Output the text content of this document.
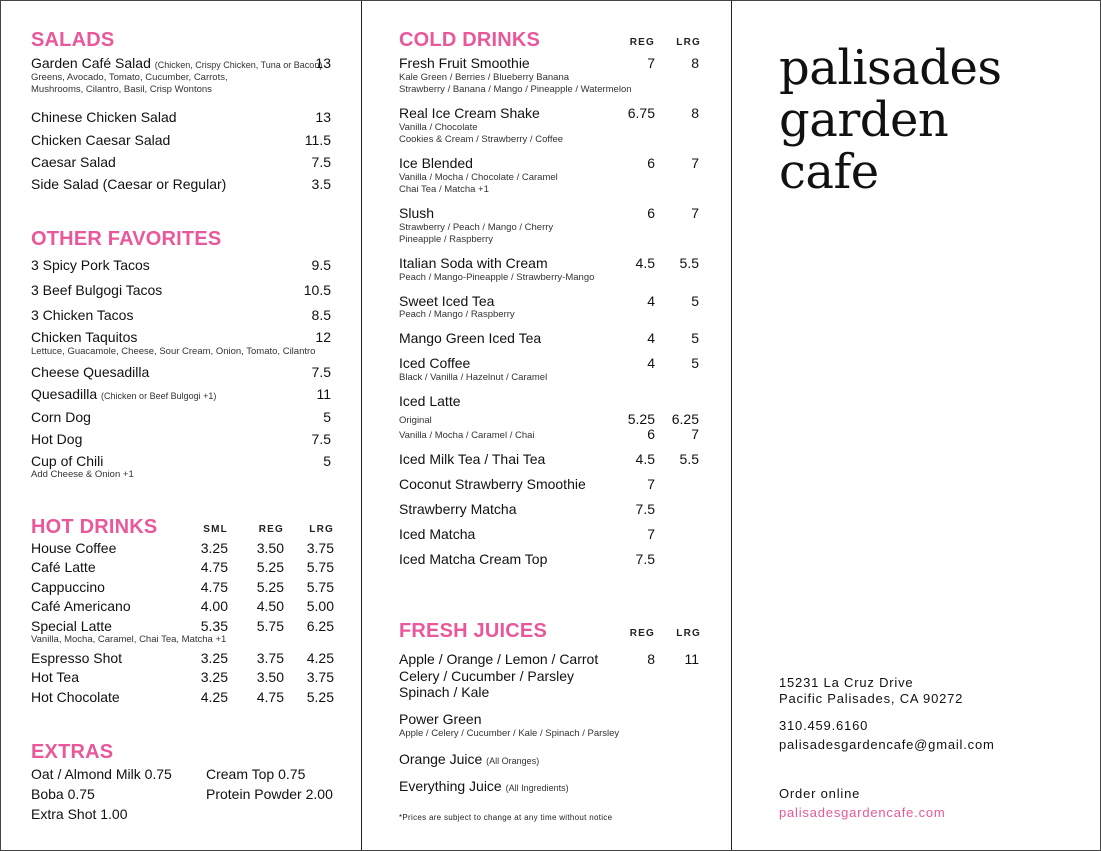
SALADS
Garden Café Salad (Chicken, Crispy Chicken, Tuna or Bacon)
13
Greens, Avocado, Tomato, Cucumber, Carrots,
Mushrooms, Cilantro, Basil, Crisp Wontons
Chinese Chicken Salad	13
Chicken Caesar Salad	11.5
Caesar Salad	7.5
Side Salad (Caesar or Regular)	3.5
OTHER FAVORITES
3 Spicy Pork Tacos	9.5
3 Beef Bulgogi Tacos	10.5
3 Chicken Tacos	8.5
Chicken Taquitos	12
Lettuce, Guacamole, Cheese, Sour Cream, Onion, Tomato, Cilantro
Cheese Quesadilla	7.5
Quesadilla (Chicken or Beef Bulgogi +1)	11
Corn Dog	5
Hot Dog	7.5
Cup of Chili	5
Add Cheese & Onion +1
HOT DRINKS	SML	REG	LRG
House Coffee	3.25	3.50	3.75
Café Latte	4.75	5.25	5.75
Cappuccino	4.75	5.25	5.75
Café Americano	4.00	4.50	5.00
Special Latte	5.35	5.75	6.25
Vanilla, Mocha, Caramel, Chai Tea, Matcha +1
Espresso Shot	3.25	3.75	4.25
Hot Tea	3.25	3.50	3.75
Hot Chocolate	4.25	4.75	5.25
EXTRAS
Oat / Almond Milk 0.75
Boba 0.75
Extra Shot 1.00
Cream Top 0.75
Protein Powder 2.00
COLD DRINKS	REG	LRG
Fresh Fruit Smoothie	7	8
Kale Green / Berries / Blueberry Banana
Strawberry / Banana / Mango / Pineapple / Watermelon
Real Ice Cream Shake	6.75	8
Vanilla / Chocolate
Cookies & Cream / Strawberry / Coffee
Ice Blended	6	7
Vanilla / Mocha / Chocolate / Caramel
Chai Tea / Matcha +1
Slush	6	7
Strawberry / Peach / Mango / Cherry
Pineapple / Raspberry
Italian Soda with Cream	4.5	5.5
Peach / Mango-Pineapple / Strawberry-Mango
Sweet Iced Tea	4	5
Peach / Mango / Raspberry
Mango Green Iced Tea	4	5
Iced Coffee	4	5
Black / Vanilla / Hazelnut / Caramel
Iced Latte
Original	5.25	6.25
Vanilla / Mocha / Caramel / Chai	6	7
Iced Milk Tea / Thai Tea	4.5	5.5
Coconut Strawberry Smoothie	7
Strawberry Matcha	7.5
Iced Matcha	7
Iced Matcha Cream Top	7.5
FRESH JUICES	REG	LRG
Apple / Orange / Lemon / Carrot
Celery / Cucumber / Parsley
Spinach / Kale
8	11
Power Green
Apple / Celery / Cucumber / Kale / Spinach / Parsley
Orange Juice (All Oranges)
Everything Juice (All Ingredients)
*Prices are subject to change at any time without notice
palisades
garden
cafe
15231 La Cruz Drive
Pacific Palisades, CA 90272
310.459.6160
palisadesgardencafe@gmail.com
Order online
palisadesgardencafe.com
